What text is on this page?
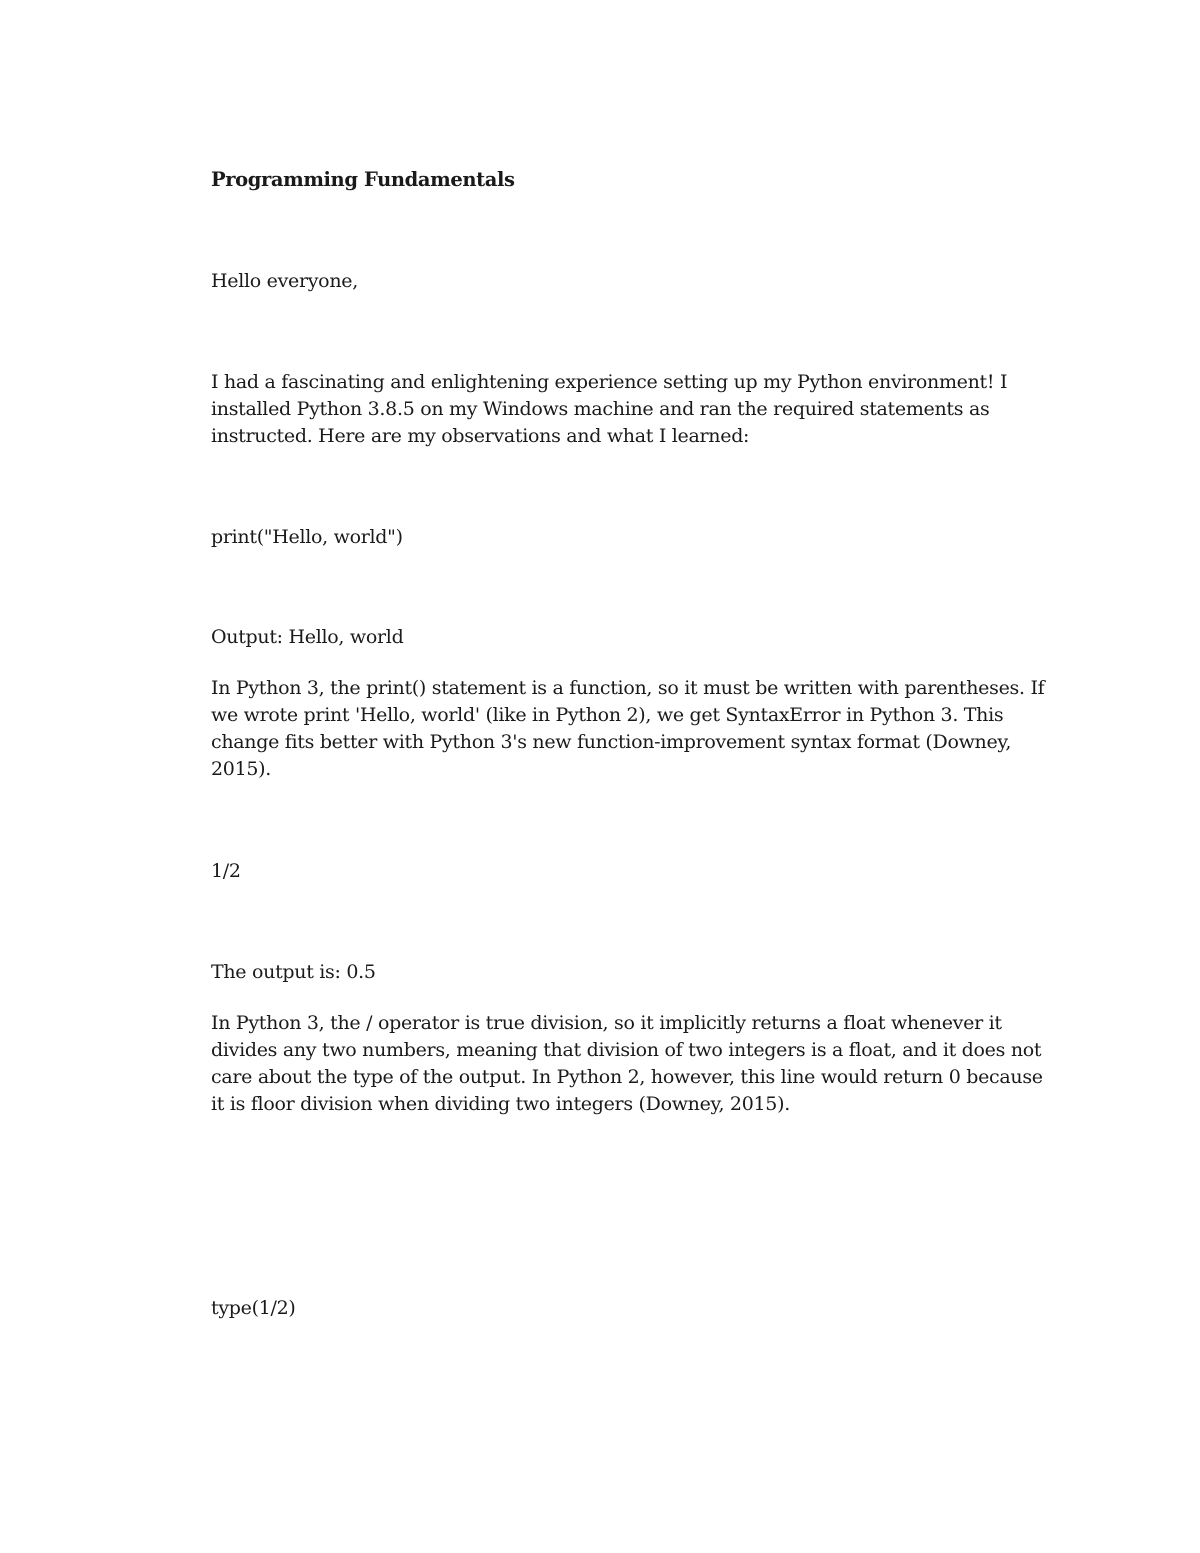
Programming Fundamentals

Hello everyone,

I had a fascinating and enlightening experience setting up my Python environment! I
installed Python 3.8.5 on my Windows machine and ran the required statements as
instructed. Here are my observations and what I learned:

print("Hello, world")

Output: Hello, world

In Python 3, the print() statement is a function, so it must be written with parentheses. If
we wrote print 'Hello, world' (like in Python 2), we get SyntaxError in Python 3. This
change fits better with Python 3's new function-improvement syntax format (Downey,
2015).

1/2

The output is: 0.5

In Python 3, the / operator is true division, so it implicitly returns a float whenever it
divides any two numbers, meaning that division of two integers is a float, and it does not
care about the type of the output. In Python 2, however, this line would return 0 because
it is floor division when dividing two integers (Downey, 2015).

type(1/2)
